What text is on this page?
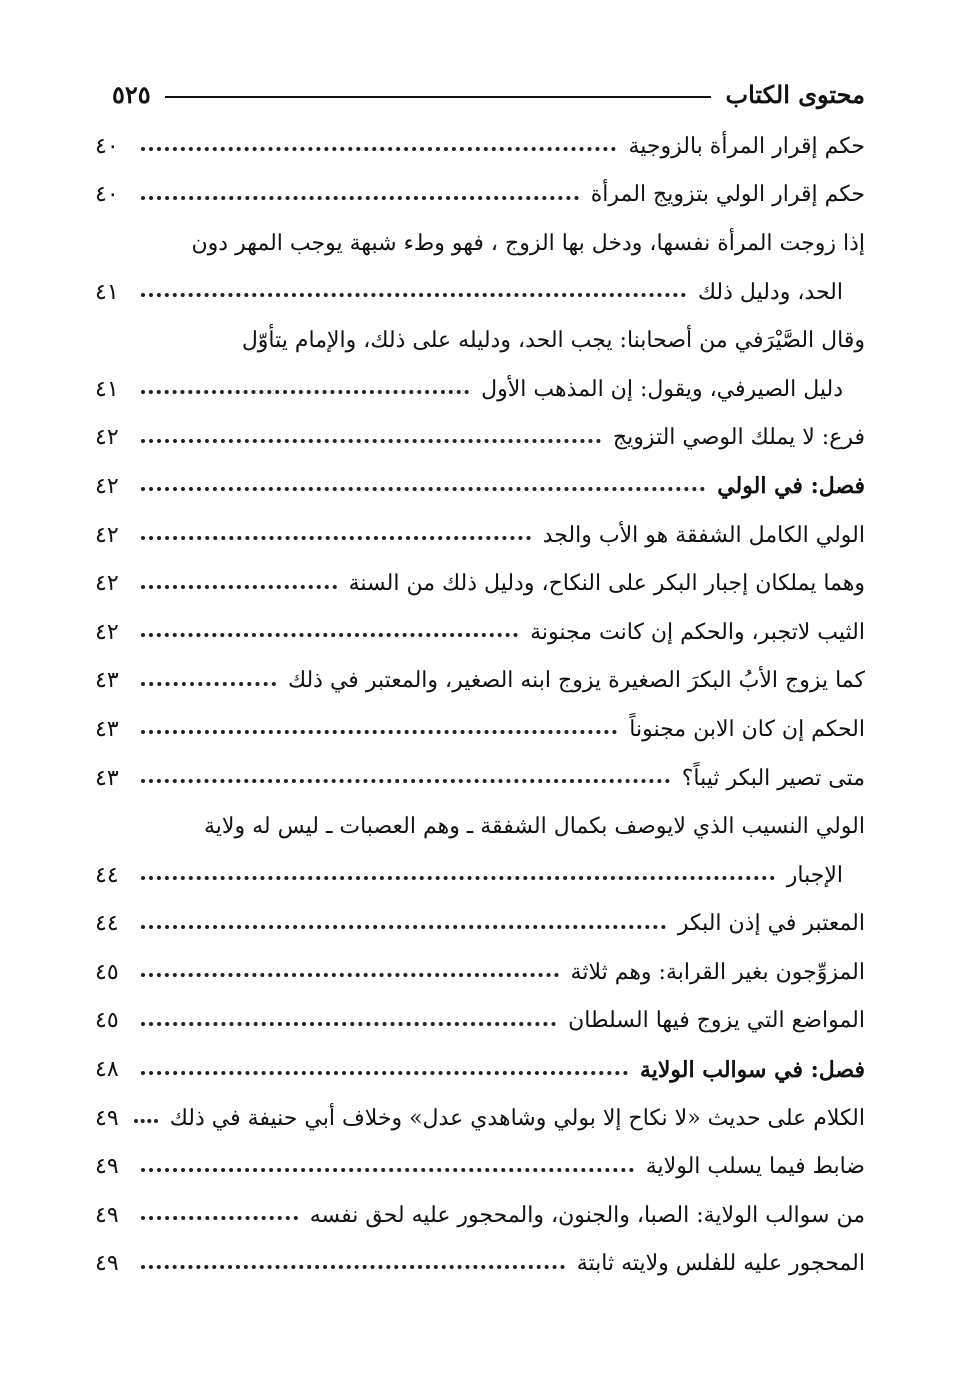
محتوى الكتاب
٥٢٥
حكم إقرار المرأة بالزوجية
٤٠
حكم إقرار الولي بتزويج المرأة
٤٠
إذا زوجت المرأة نفسها، ودخل بها الزوج ، فهو وطء شبهة يوجب المهر دون
الحد، ودليل ذلك
٤١
وقال الصَّيْرَفي من أصحابنا: يجب الحد، ودليله على ذلك، والإمام يتأوّل
دليل الصيرفي، ويقول: إن المذهب الأول
٤١
فرع: لا يملك الوصي التزويج
٤٢
فصل: في الولي
٤٢
الولي الكامل الشفقة هو الأب والجد
٤٢
وهما يملكان إجبار البكر على النكاح، ودليل ذلك من السنة
٤٢
الثيب لاتجبر، والحكم إن كانت مجنونة
٤٢
كما يزوج الأبُ البكرَ الصغيرة يزوج ابنه الصغير، والمعتبر في ذلك
٤٣
الحكم إن كان الابن مجنوناً
٤٣
متى تصير البكر ثيباً؟
٤٣
الولي النسيب الذي لايوصف بكمال الشفقة ـ وهم العصبات ـ ليس له ولاية
الإجبار
٤٤
المعتبر في إذن البكر
٤٤
المزوِّجون بغير القرابة: وهم ثلاثة
٤٥
المواضع التي يزوج فيها السلطان
٤٥
فصل: في سوالب الولاية
٤٨
الكلام على حديث «لا نكاح إلا بولي وشاهدي عدل» وخلاف أبي حنيفة في ذلك
٤٩
ضابط فيما يسلب الولاية
٤٩
من سوالب الولاية: الصبا، والجنون، والمحجور عليه لحق نفسه
٤٩
المحجور عليه للفلس ولايته ثابتة
٤٩
